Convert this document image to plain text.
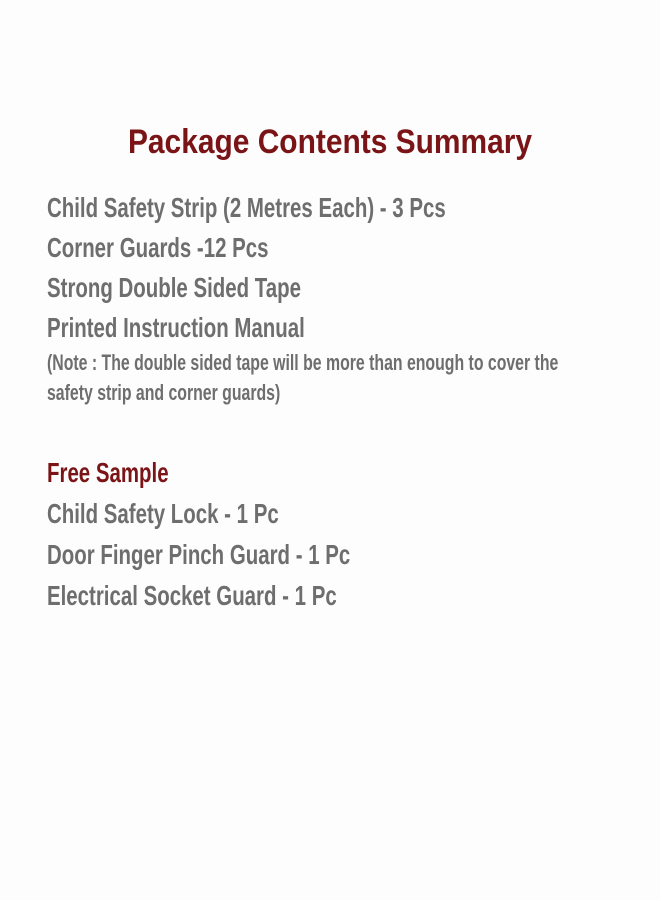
Package Contents Summary
Child Safety Strip (2 Metres Each) - 3 Pcs
Corner Guards -12 Pcs
Strong Double Sided Tape
Printed Instruction Manual
(Note : The double sided tape will be more than enough to cover the
safety strip and corner guards)
Free Sample
Child Safety Lock - 1 Pc
Door Finger Pinch Guard - 1 Pc
Electrical Socket Guard - 1 Pc
